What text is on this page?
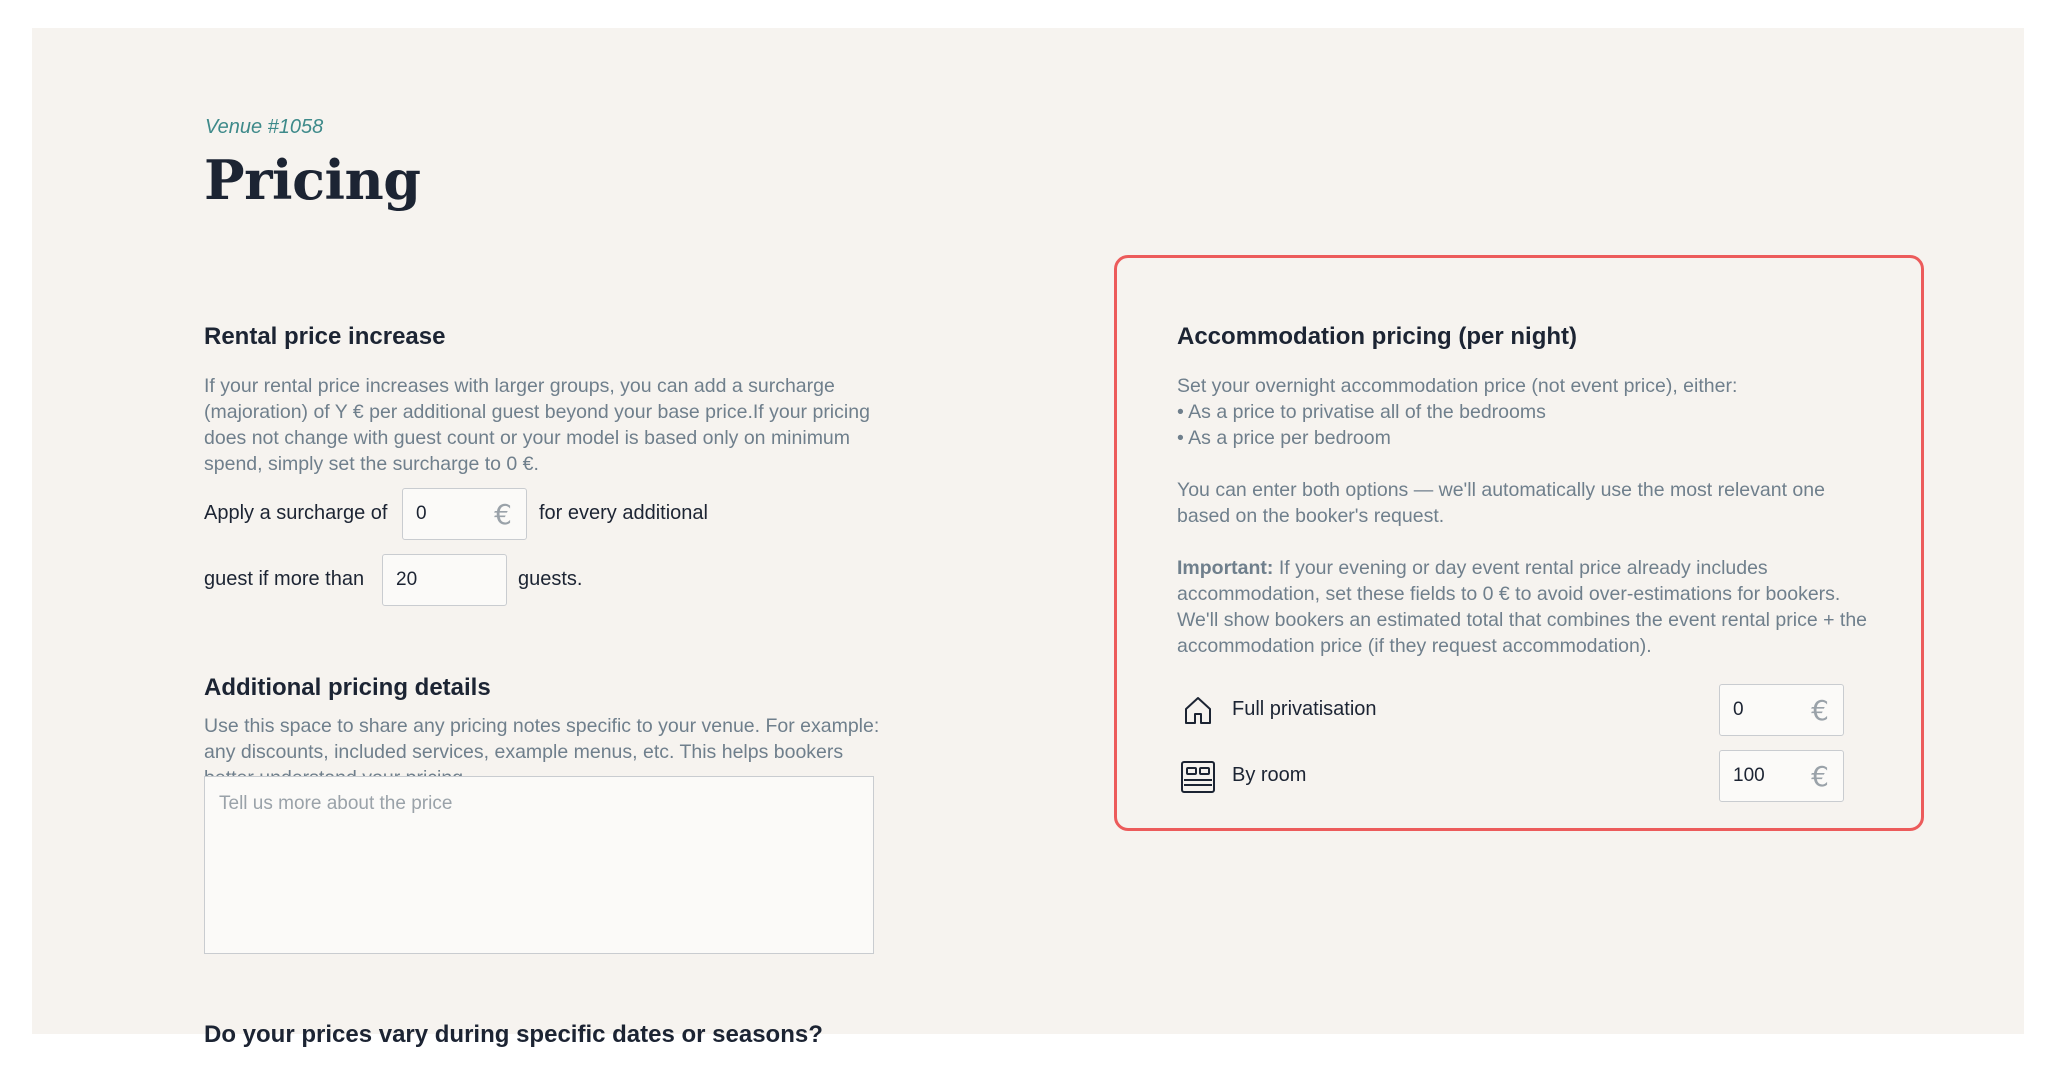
Venue #1058
Pricing
Rental price increase

If your rental price increases with larger groups, you can add a surcharge (majoration) of Y € per additional guest beyond your base price.If your pricing does not change with guest count or your model is based only on minimum spend, simply set the surcharge to 0 €.

Apply a surcharge of	0	€	for every additional
guest if more than	20	guests.
Additional pricing details

Use this space to share any pricing notes specific to your venue. For example: any discounts, included services, example menus, etc. This helps bookers

Tell us more about the price
Do your prices vary during specific dates or seasons?
Accommodation pricing (per night)

Set your overnight accommodation price (not event price), either:

• As a price to privatise all of the bedrooms

• As a price per bedroom

You can enter both options — we'll automatically use the most relevant one based on the booker's request.

Important: If your evening or day event rental price already includes accommodation, set these fields to 0 € to avoid over-estimations for bookers. We'll show bookers an estimated total that combines the event rental price + the accommodation price (if they request accommodation).

Full privatisation	0	€
By room	100	€
